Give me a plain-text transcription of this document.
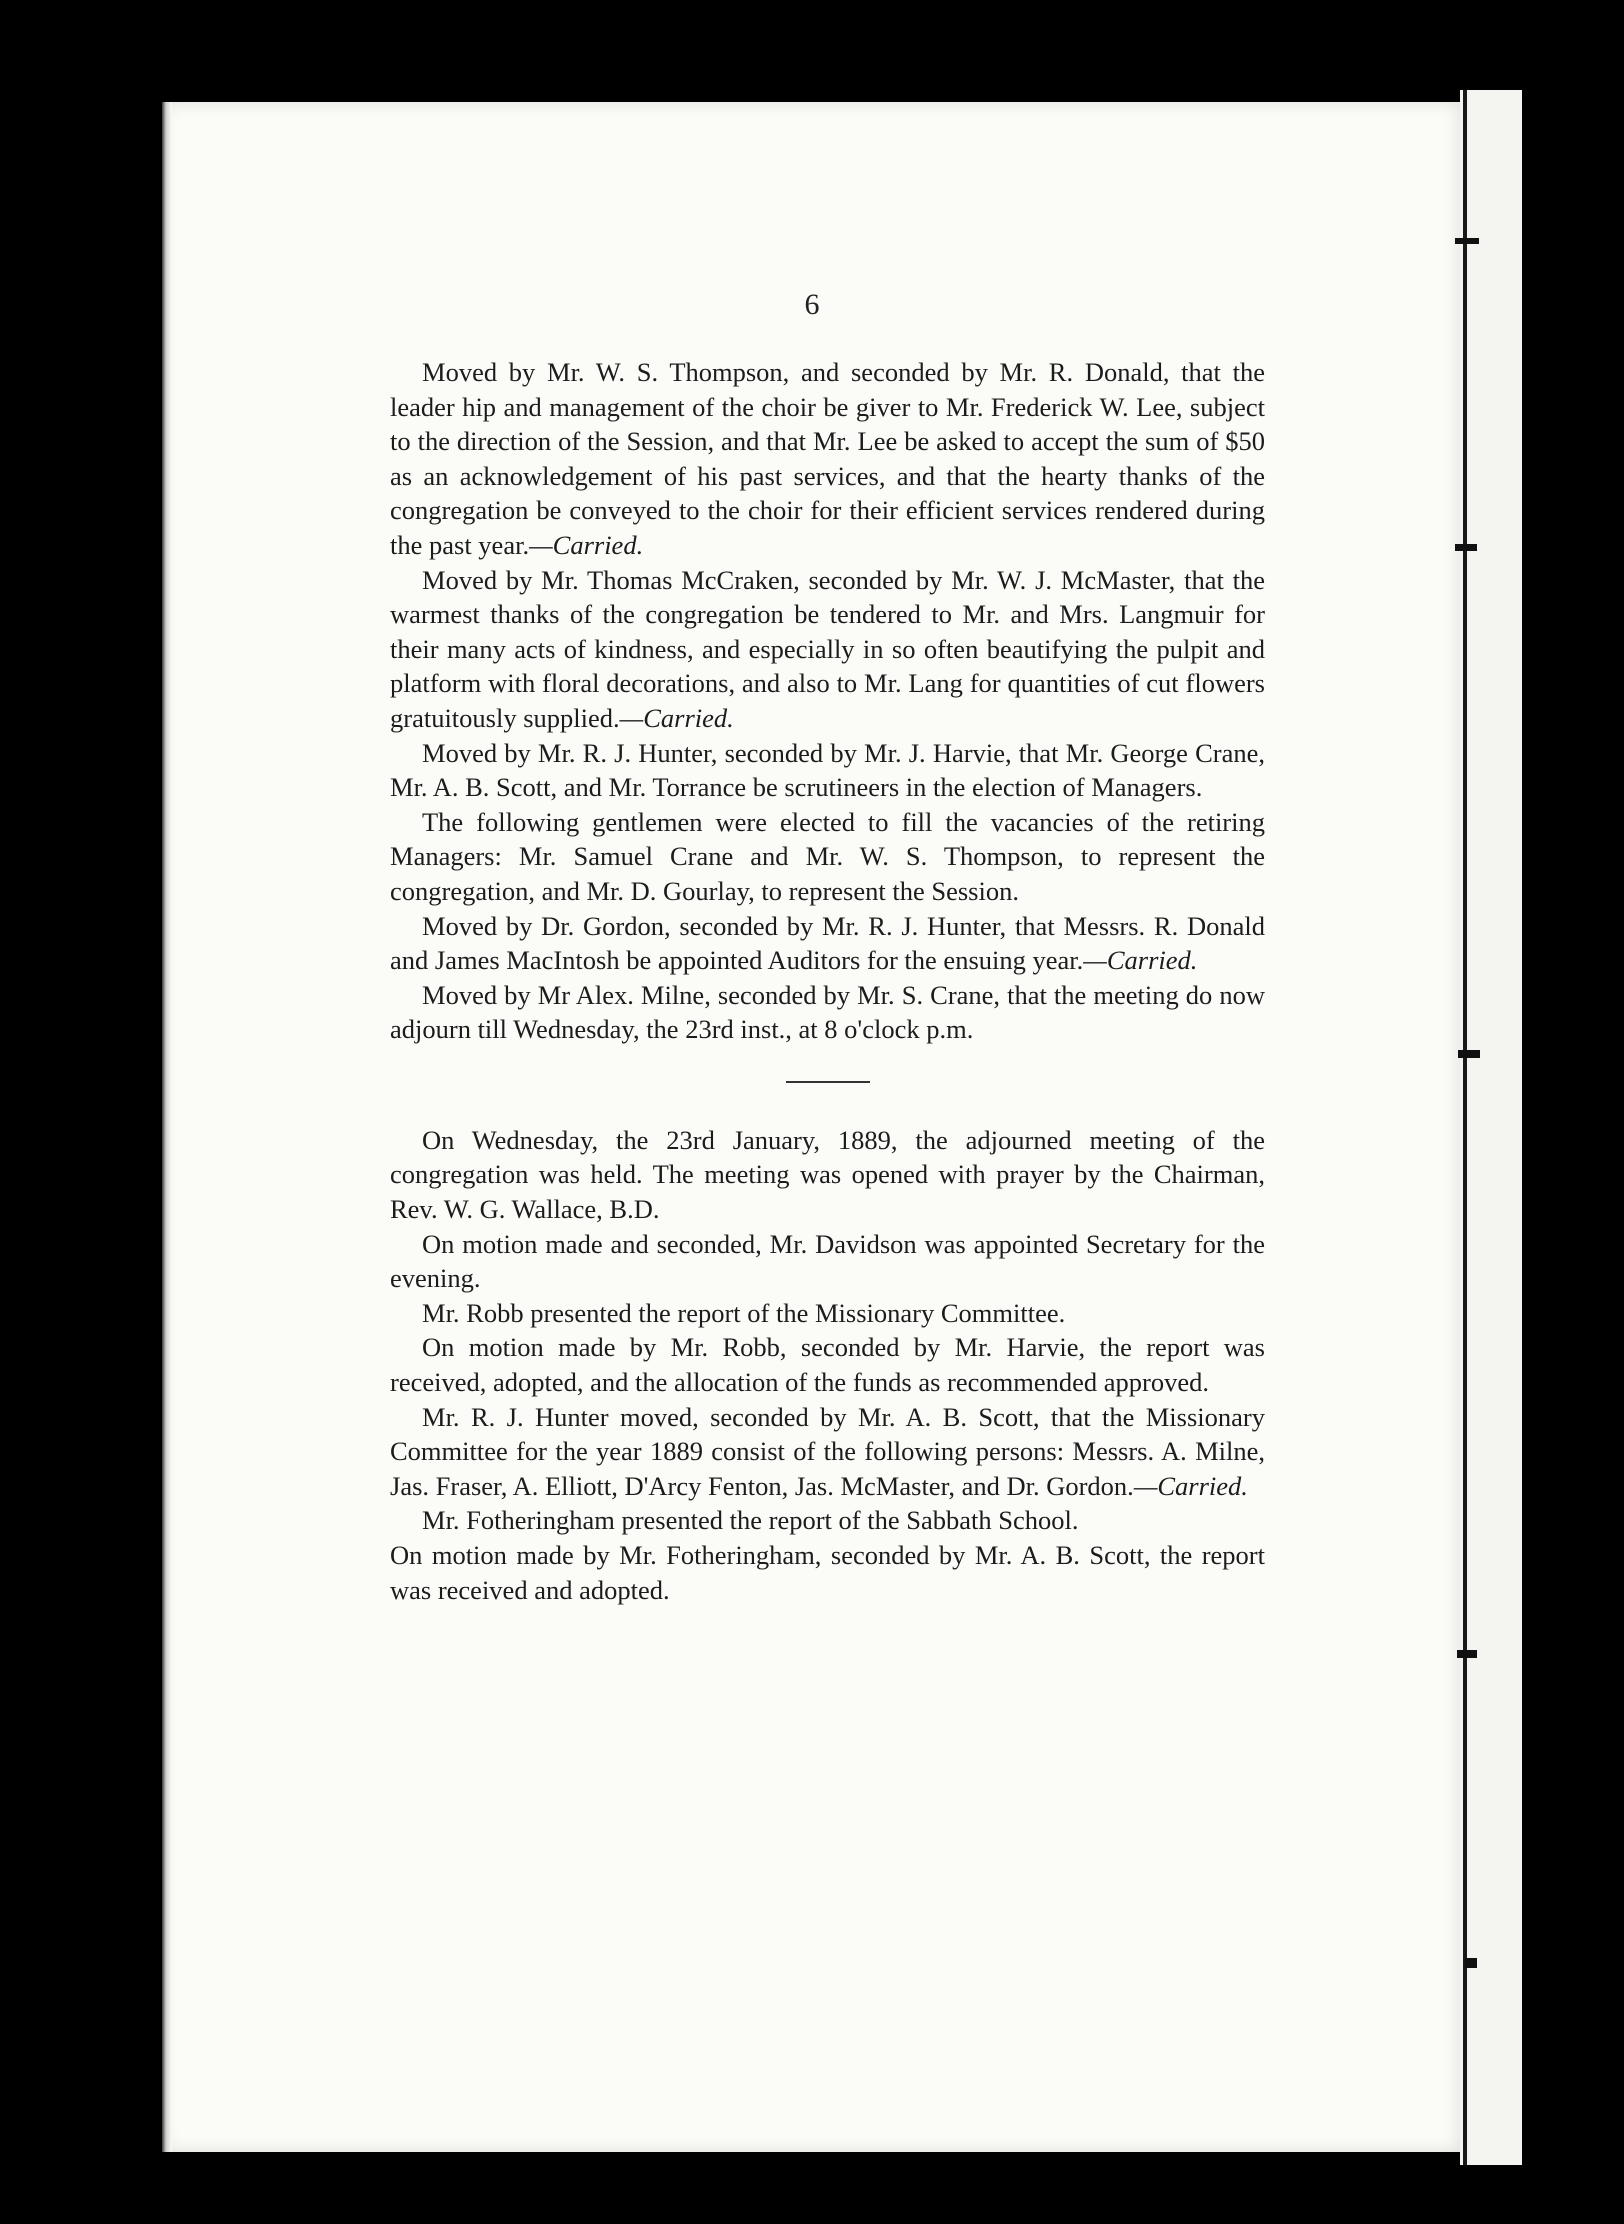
6

Moved by Mr. W. S. Thompson, and seconded by Mr. R. Donald, that the leader hip and management of the choir be giver to Mr. Frederick W. Lee, subject to the direction of the Session, and that Mr. Lee be asked to accept the sum of $50 as an acknowledgement of his past services, and that the hearty thanks of the congregation be conveyed to the choir for their efficient services rendered during the past year.—Carried.

Moved by Mr. Thomas McCraken, seconded by Mr. W. J. McMaster, that the warmest thanks of the congregation be tendered to Mr. and Mrs. Langmuir for their many acts of kindness, and especially in so often beautifying the pulpit and platform with floral decorations, and also to Mr. Lang for quantities of cut flowers gratuitously supplied.—Carried.

Moved by Mr. R. J. Hunter, seconded by Mr. J. Harvie, that Mr. George Crane, Mr. A. B. Scott, and Mr. Torrance be scrutineers in the election of Managers.

The following gentlemen were elected to fill the vacancies of the retiring Managers: Mr. Samuel Crane and Mr. W. S. Thompson, to represent the congregation, and Mr. D. Gourlay, to represent the Session.

Moved by Dr. Gordon, seconded by Mr. R. J. Hunter, that Messrs. R. Donald and James MacIntosh be appointed Auditors for the ensuing year.—Carried.

Moved by Mr Alex. Milne, seconded by Mr. S. Crane, that the meeting do now adjourn till Wednesday, the 23rd inst., at 8 o'clock p.m.

On Wednesday, the 23rd January, 1889, the adjourned meeting of the congregation was held. The meeting was opened with prayer by the Chairman, Rev. W. G. Wallace, B.D.

On motion made and seconded, Mr. Davidson was appointed Secretary for the evening.

Mr. Robb presented the report of the Missionary Committee.

On motion made by Mr. Robb, seconded by Mr. Harvie, the report was received, adopted, and the allocation of the funds as recommended approved.

Mr. R. J. Hunter moved, seconded by Mr. A. B. Scott, that the Missionary Committee for the year 1889 consist of the following persons: Messrs. A. Milne, Jas. Fraser, A. Elliott, D'Arcy Fenton, Jas. McMaster, and Dr. Gordon.—Carried.

Mr. Fotheringham presented the report of the Sabbath School.

On motion made by Mr. Fotheringham, seconded by Mr. A. B. Scott, the report was received and adopted.
